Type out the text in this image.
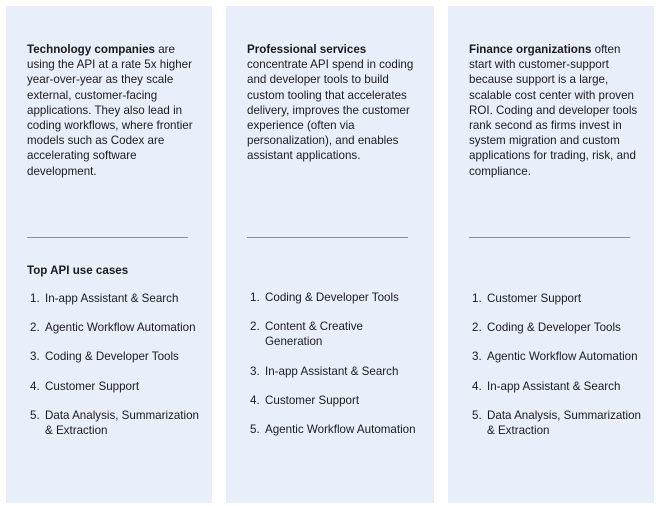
Technology companies are using the API at a rate 5x higher year-over-year as they scale external, customer-facing applications. They also lead in coding workflows, where frontier models such as Codex are accelerating software development.

Top API use cases
1. In-app Assistant & Search
2. Agentic Workflow Automation
3. Coding & Developer Tools
4. Customer Support
5. Data Analysis, Summarization & Extraction

Professional services concentrate API spend in coding and developer tools to build custom tooling that accelerates delivery, improves the customer experience (often via personalization), and enables assistant applications.

1. Coding & Developer Tools
2. Content & Creative Generation
3. In-app Assistant & Search
4. Customer Support
5. Agentic Workflow Automation

Finance organizations often start with customer-support because support is a large, scalable cost center with proven ROI. Coding and developer tools rank second as firms invest in system migration and custom applications for trading, risk, and compliance.

1. Customer Support
2. Coding & Developer Tools
3. Agentic Workflow Automation
4. In-app Assistant & Search
5. Data Analysis, Summarization & Extraction
